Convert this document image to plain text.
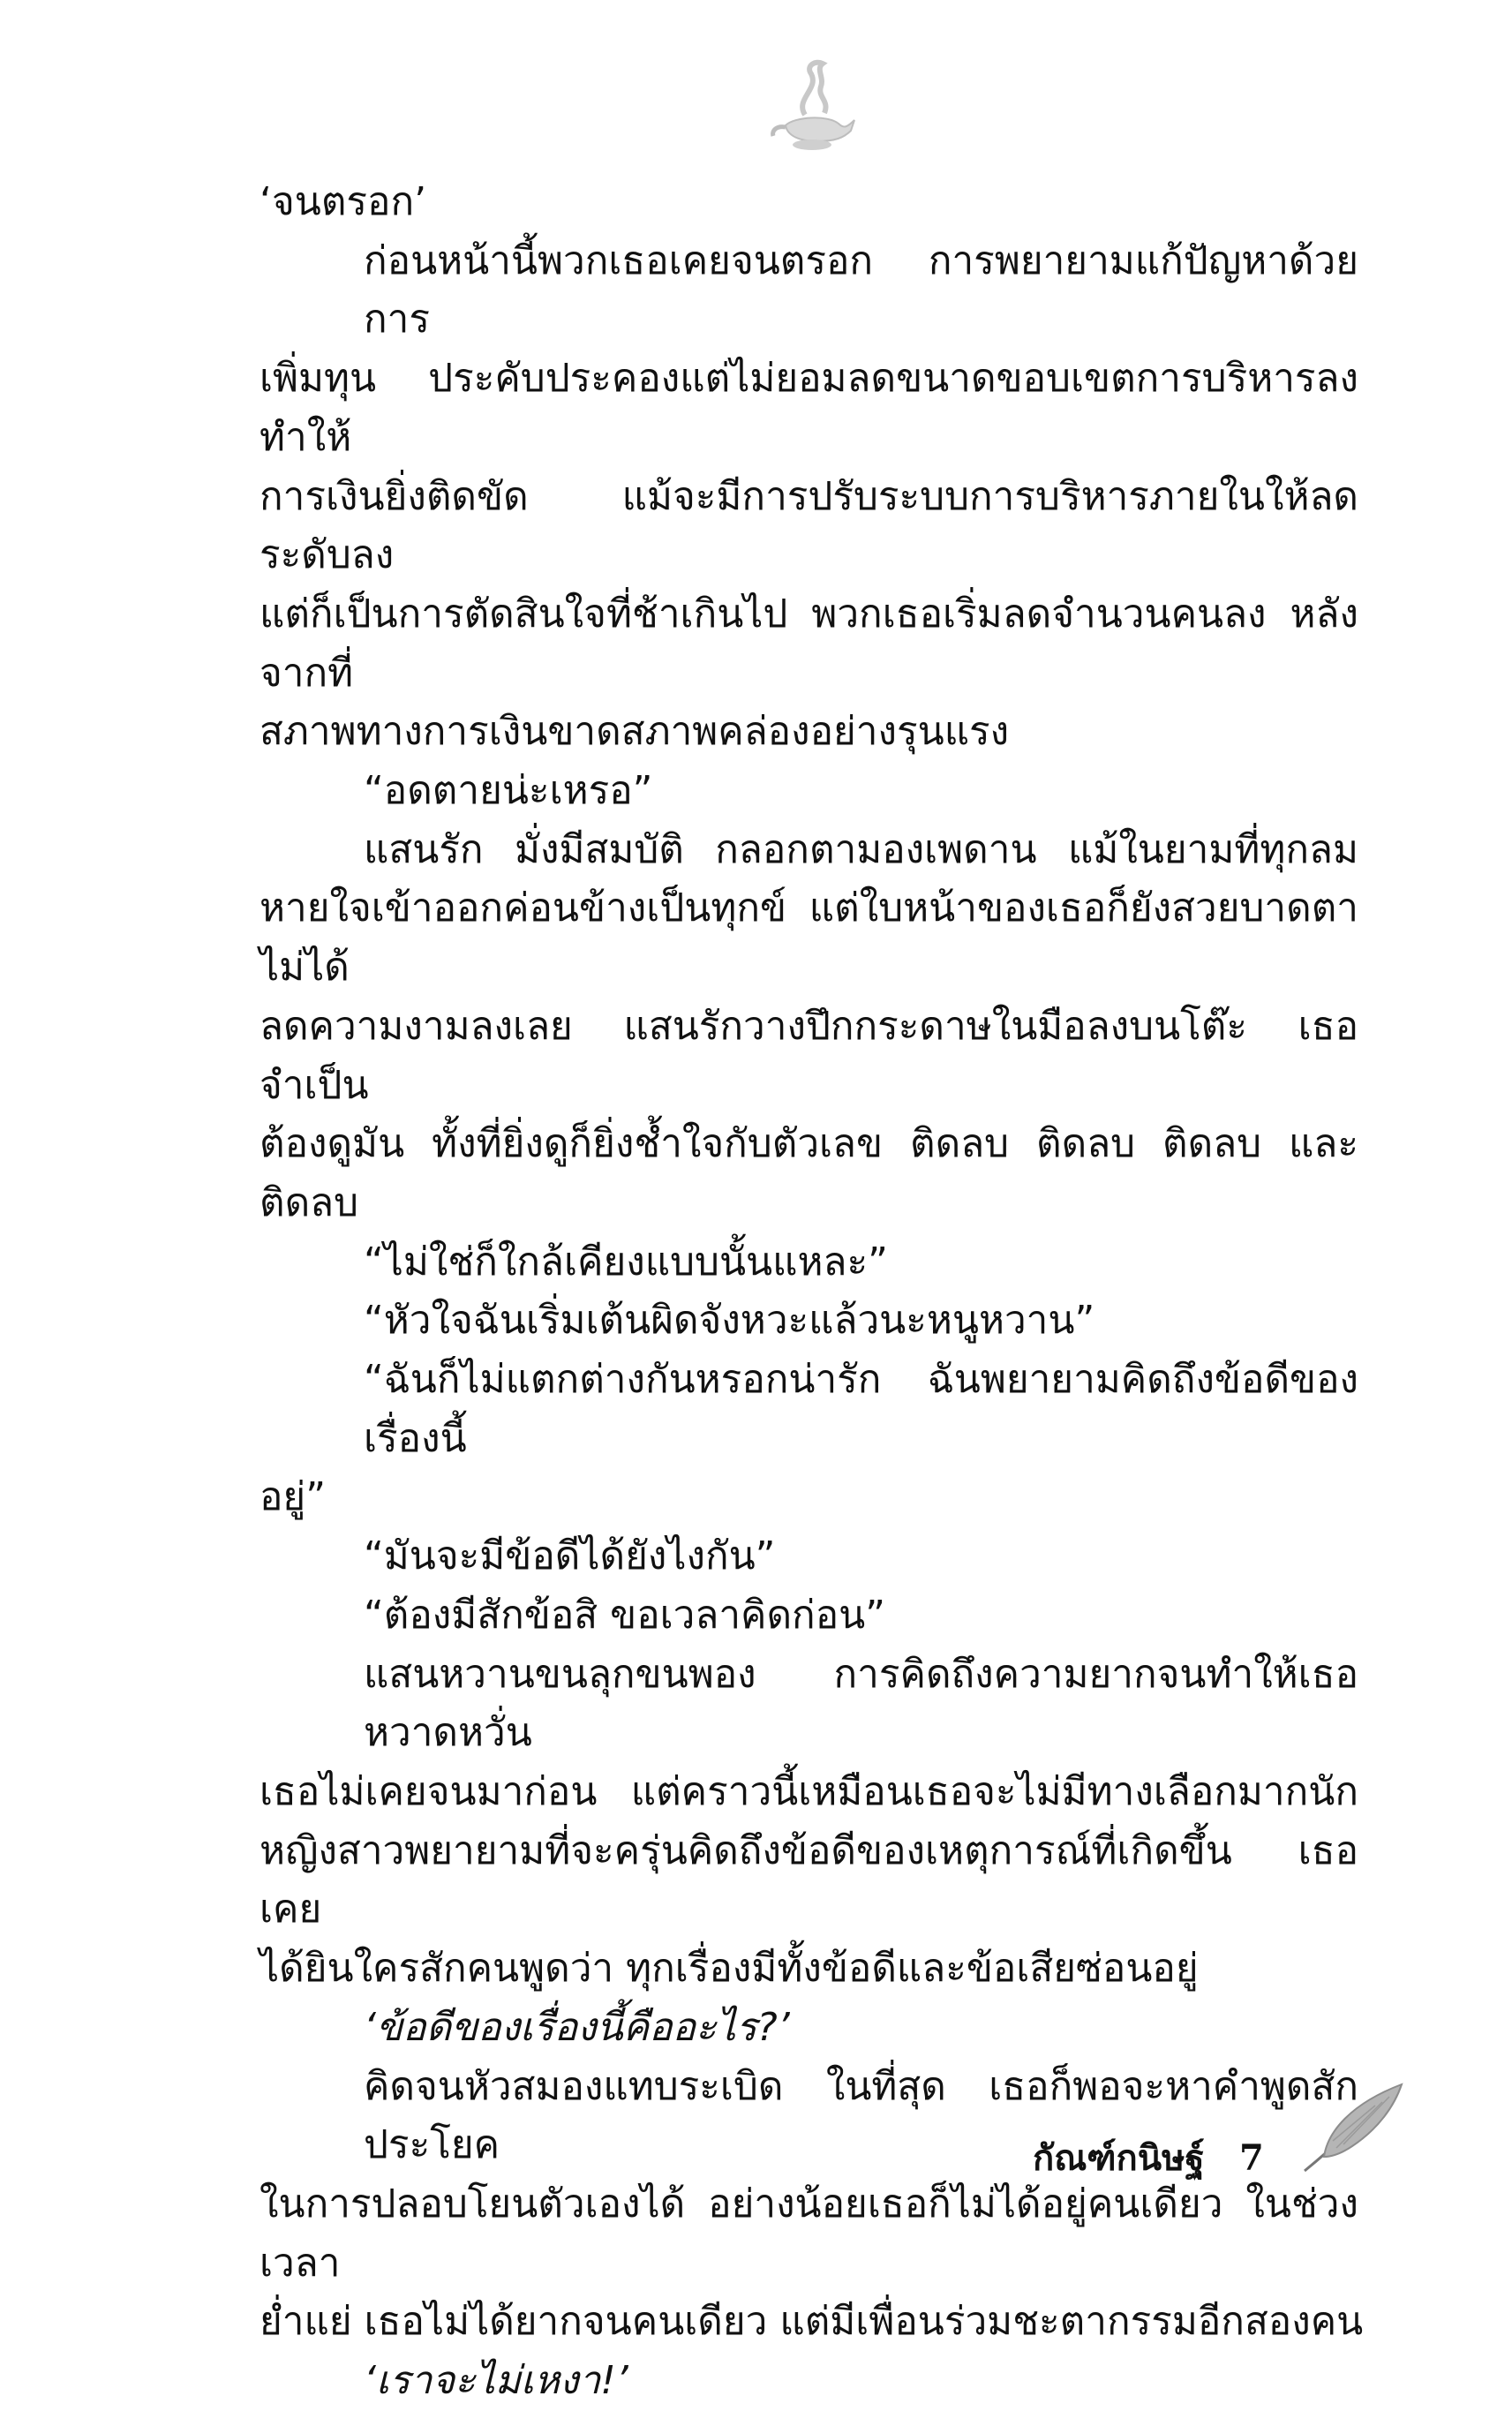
‘จนตรอก’
ก่อนหน้านี้พวกเธอเคยจนตรอก การพยายามแก้ปัญหาด้วยการ
เพิ่มทุน ประคับประคองแต่ไม่ยอมลดขนาดขอบเขตการบริหารลงทำให้
การเงินยิ่งติดขัด แม้จะมีการปรับระบบการบริหารภายในให้ลดระดับลง
แต่ก็เป็นการตัดสินใจที่ช้าเกินไป พวกเธอเริ่มลดจำนวนคนลง หลังจากที่
สภาพทางการเงินขาดสภาพคล่องอย่างรุนแรง
“อดตายน่ะเหรอ”
แสนรัก มั่งมีสมบัติ กลอกตามองเพดาน แม้ในยามที่ทุกลม
หายใจเข้าออกค่อนข้างเป็นทุกข์ แต่ใบหน้าของเธอก็ยังสวยบาดตาไม่ได้
ลดความงามลงเลย แสนรักวางปึกกระดาษในมือลงบนโต๊ะ เธอจำเป็น
ต้องดูมัน ทั้งที่ยิ่งดูก็ยิ่งช้ำใจกับตัวเลข ติดลบ ติดลบ ติดลบ และติดลบ
“ไม่ใช่ก็ใกล้เคียงแบบนั้นแหละ”
“หัวใจฉันเริ่มเต้นผิดจังหวะแล้วนะหนูหวาน”
“ฉันก็ไม่แตกต่างกันหรอกน่ารัก ฉันพยายามคิดถึงข้อดีของเรื่องนี้
อยู่”
“มันจะมีข้อดีได้ยังไงกัน”
“ต้องมีสักข้อสิ ขอเวลาคิดก่อน”
แสนหวานขนลุกขนพอง การคิดถึงความยากจนทำให้เธอหวาดหวั่น
เธอไม่เคยจนมาก่อน แต่คราวนี้เหมือนเธอจะไม่มีทางเลือกมากนัก
หญิงสาวพยายามที่จะครุ่นคิดถึงข้อดีของเหตุการณ์ที่เกิดขึ้น เธอเคย
ได้ยินใครสักคนพูดว่า ทุกเรื่องมีทั้งข้อดีและข้อเสียซ่อนอยู่
‘ข้อดีของเรื่องนี้คืออะไร?’
คิดจนหัวสมองแทบระเบิด ในที่สุด เธอก็พอจะหาคำพูดสักประโยค
ในการปลอบโยนตัวเองได้ อย่างน้อยเธอก็ไม่ได้อยู่คนเดียว ในช่วงเวลา
ย่ำแย่ เธอไม่ได้ยากจนคนเดียว แต่มีเพื่อนร่วมชะตากรรมอีกสองคน
‘เราจะไม่เหงา!’
กัณฑ์กนิษฐ์ 7
